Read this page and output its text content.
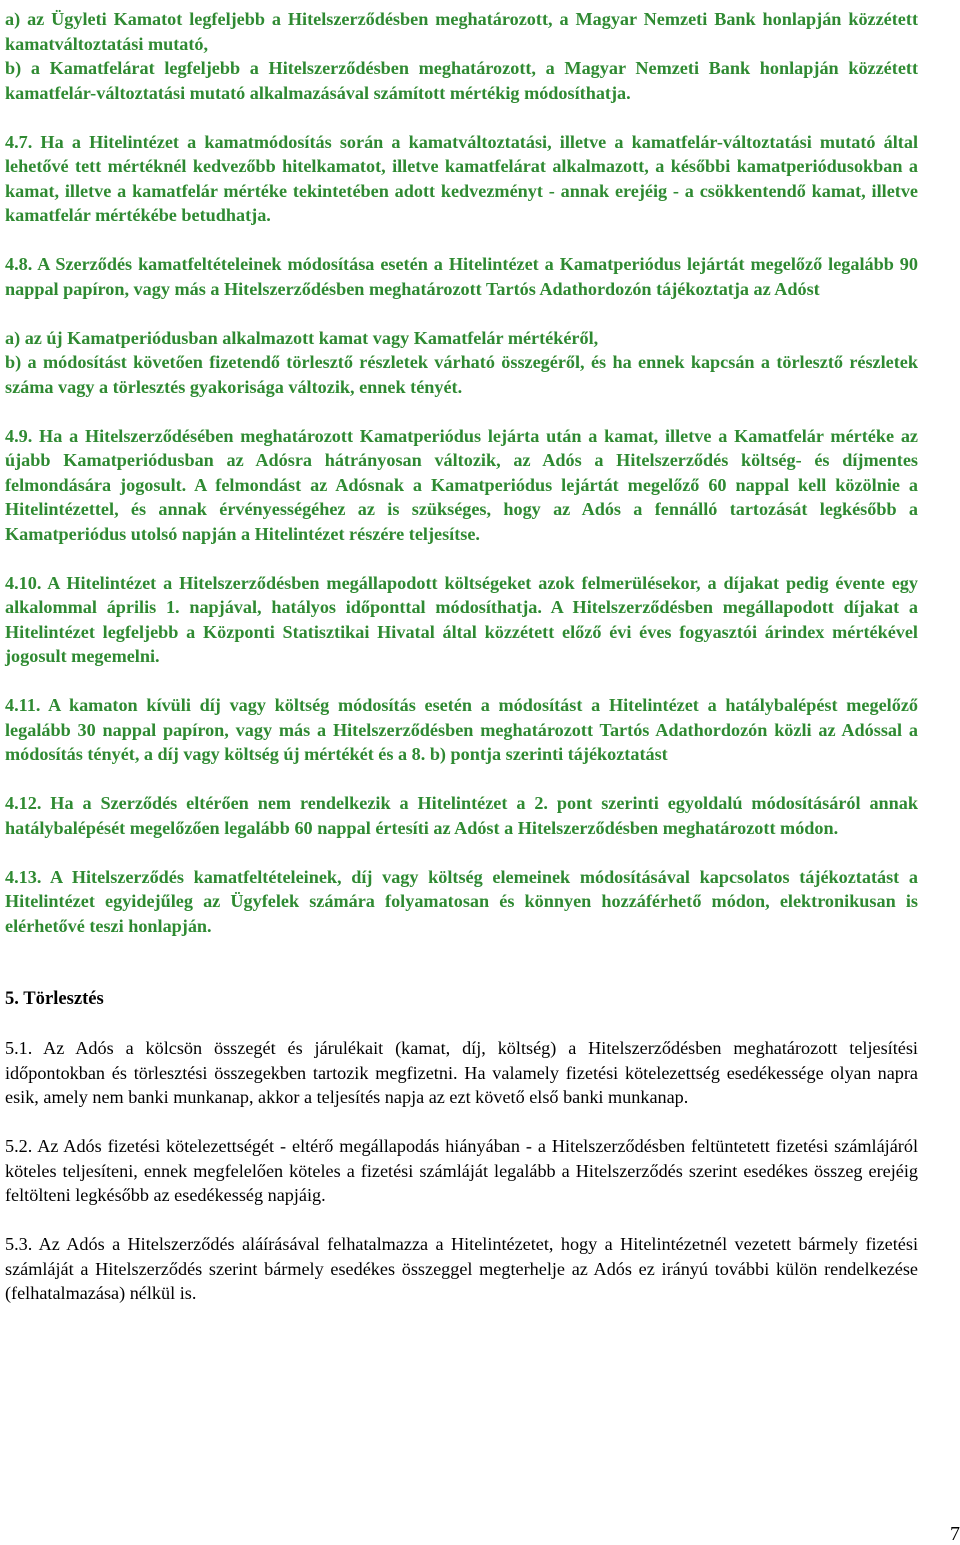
a) az Ügyleti Kamatot legfeljebb a Hitelszerződésben meghatározott, a Magyar Nemzeti Bank honlapján közzétett kamatváltoztatási mutató,

b) a Kamatfelárat legfeljebb a Hitelszerződésben meghatározott, a Magyar Nemzeti Bank honlapján közzétett kamatfelár-változtatási mutató alkalmazásával számított mértékig módosíthatja.

4.7. Ha a Hitelintézet a kamatmódosítás során a kamatváltoztatási, illetve a kamatfelár-változtatási mutató által lehetővé tett mértéknél kedvezőbb hitelkamatot, illetve kamatfelárat alkalmazott, a későbbi kamatperiódusokban a kamat, illetve a kamatfelár mértéke tekintetében adott kedvezményt - annak erejéig - a csökkentendő kamat, illetve kamatfelár mértékébe betudhatja.

4.8. A Szerződés kamatfeltételeinek módosítása esetén a Hitelintézet a Kamatperiódus lejártát megelőző legalább 90 nappal papíron, vagy más a Hitelszerződésben meghatározott Tartós Adathordozón tájékoztatja az Adóst

a) az új Kamatperiódusban alkalmazott kamat vagy Kamatfelár mértékéről,

b) a módosítást követően fizetendő törlesztő részletek várható összegéről, és ha ennek kapcsán a törlesztő részletek száma vagy a törlesztés gyakorisága változik, ennek tényét.

4.9. Ha a Hitelszerződésében meghatározott Kamatperiódus lejárta után a kamat, illetve a Kamatfelár mértéke az újabb Kamatperiódusban az Adósra hátrányosan változik, az Adós a Hitelszerződés költség- és díjmentes felmondására jogosult. A felmondást az Adósnak a Kamatperiódus lejártát megelőző 60 nappal kell közölnie a Hitelintézettel, és annak érvényességéhez az is szükséges, hogy az Adós a fennálló tartozását legkésőbb a Kamatperiódus utolsó napján a Hitelintézet részére teljesítse.

4.10. A Hitelintézet a Hitelszerződésben megállapodott költségeket azok felmerülésekor, a díjakat pedig évente egy alkalommal április 1. napjával, hatályos időponttal módosíthatja. A Hitelszerződésben megállapodott díjakat a Hitelintézet legfeljebb a Központi Statisztikai Hivatal által közzétett előző évi éves fogyasztói árindex mértékével jogosult megemelni.

4.11. A kamaton kívüli díj vagy költség módosítás esetén a módosítást a Hitelintézet a hatálybalépést megelőző legalább 30 nappal papíron, vagy más a Hitelszerződésben meghatározott Tartós Adathordozón közli az Adóssal a módosítás tényét, a díj vagy költség új mértékét és a 8. b) pontja szerinti tájékoztatást

4.12. Ha a Szerződés eltérően nem rendelkezik a Hitelintézet a 2. pont szerinti egyoldalú módosításáról annak hatálybalépését megelőzően legalább 60 nappal értesíti az Adóst a Hitelszerződésben meghatározott módon.

4.13. A Hitelszerződés kamatfeltételeinek, díj vagy költség elemeinek módosításával kapcsolatos tájékoztatást a Hitelintézet egyidejűleg az Ügyfelek számára folyamatosan és könnyen hozzáférhető módon, elektronikusan is elérhetővé teszi honlapján.

5. Törlesztés

5.1. Az Adós a kölcsön összegét és járulékait (kamat, díj, költség) a Hitelszerződésben meghatározott teljesítési időpontokban és törlesztési összegekben tartozik megfizetni. Ha valamely fizetési kötelezettség esedékessége olyan napra esik, amely nem banki munkanap, akkor a teljesítés napja az ezt követő első banki munkanap.

5.2. Az Adós fizetési kötelezettségét - eltérő megállapodás hiányában - a Hitelszerződésben feltüntetett fizetési számlájáról köteles teljesíteni, ennek megfelelően köteles a fizetési számláját legalább a Hitelszerződés szerint esedékes összeg erejéig feltölteni legkésőbb az esedékesség napjáig.

5.3. Az Adós a Hitelszerződés aláírásával felhatalmazza a Hitelintézetet, hogy a Hitelintézetnél vezetett bármely fizetési számláját a Hitelszerződés szerint bármely esedékes összeggel megterhelje az Adós ez irányú további külön rendelkezése (felhatalmazása) nélkül is.

7
